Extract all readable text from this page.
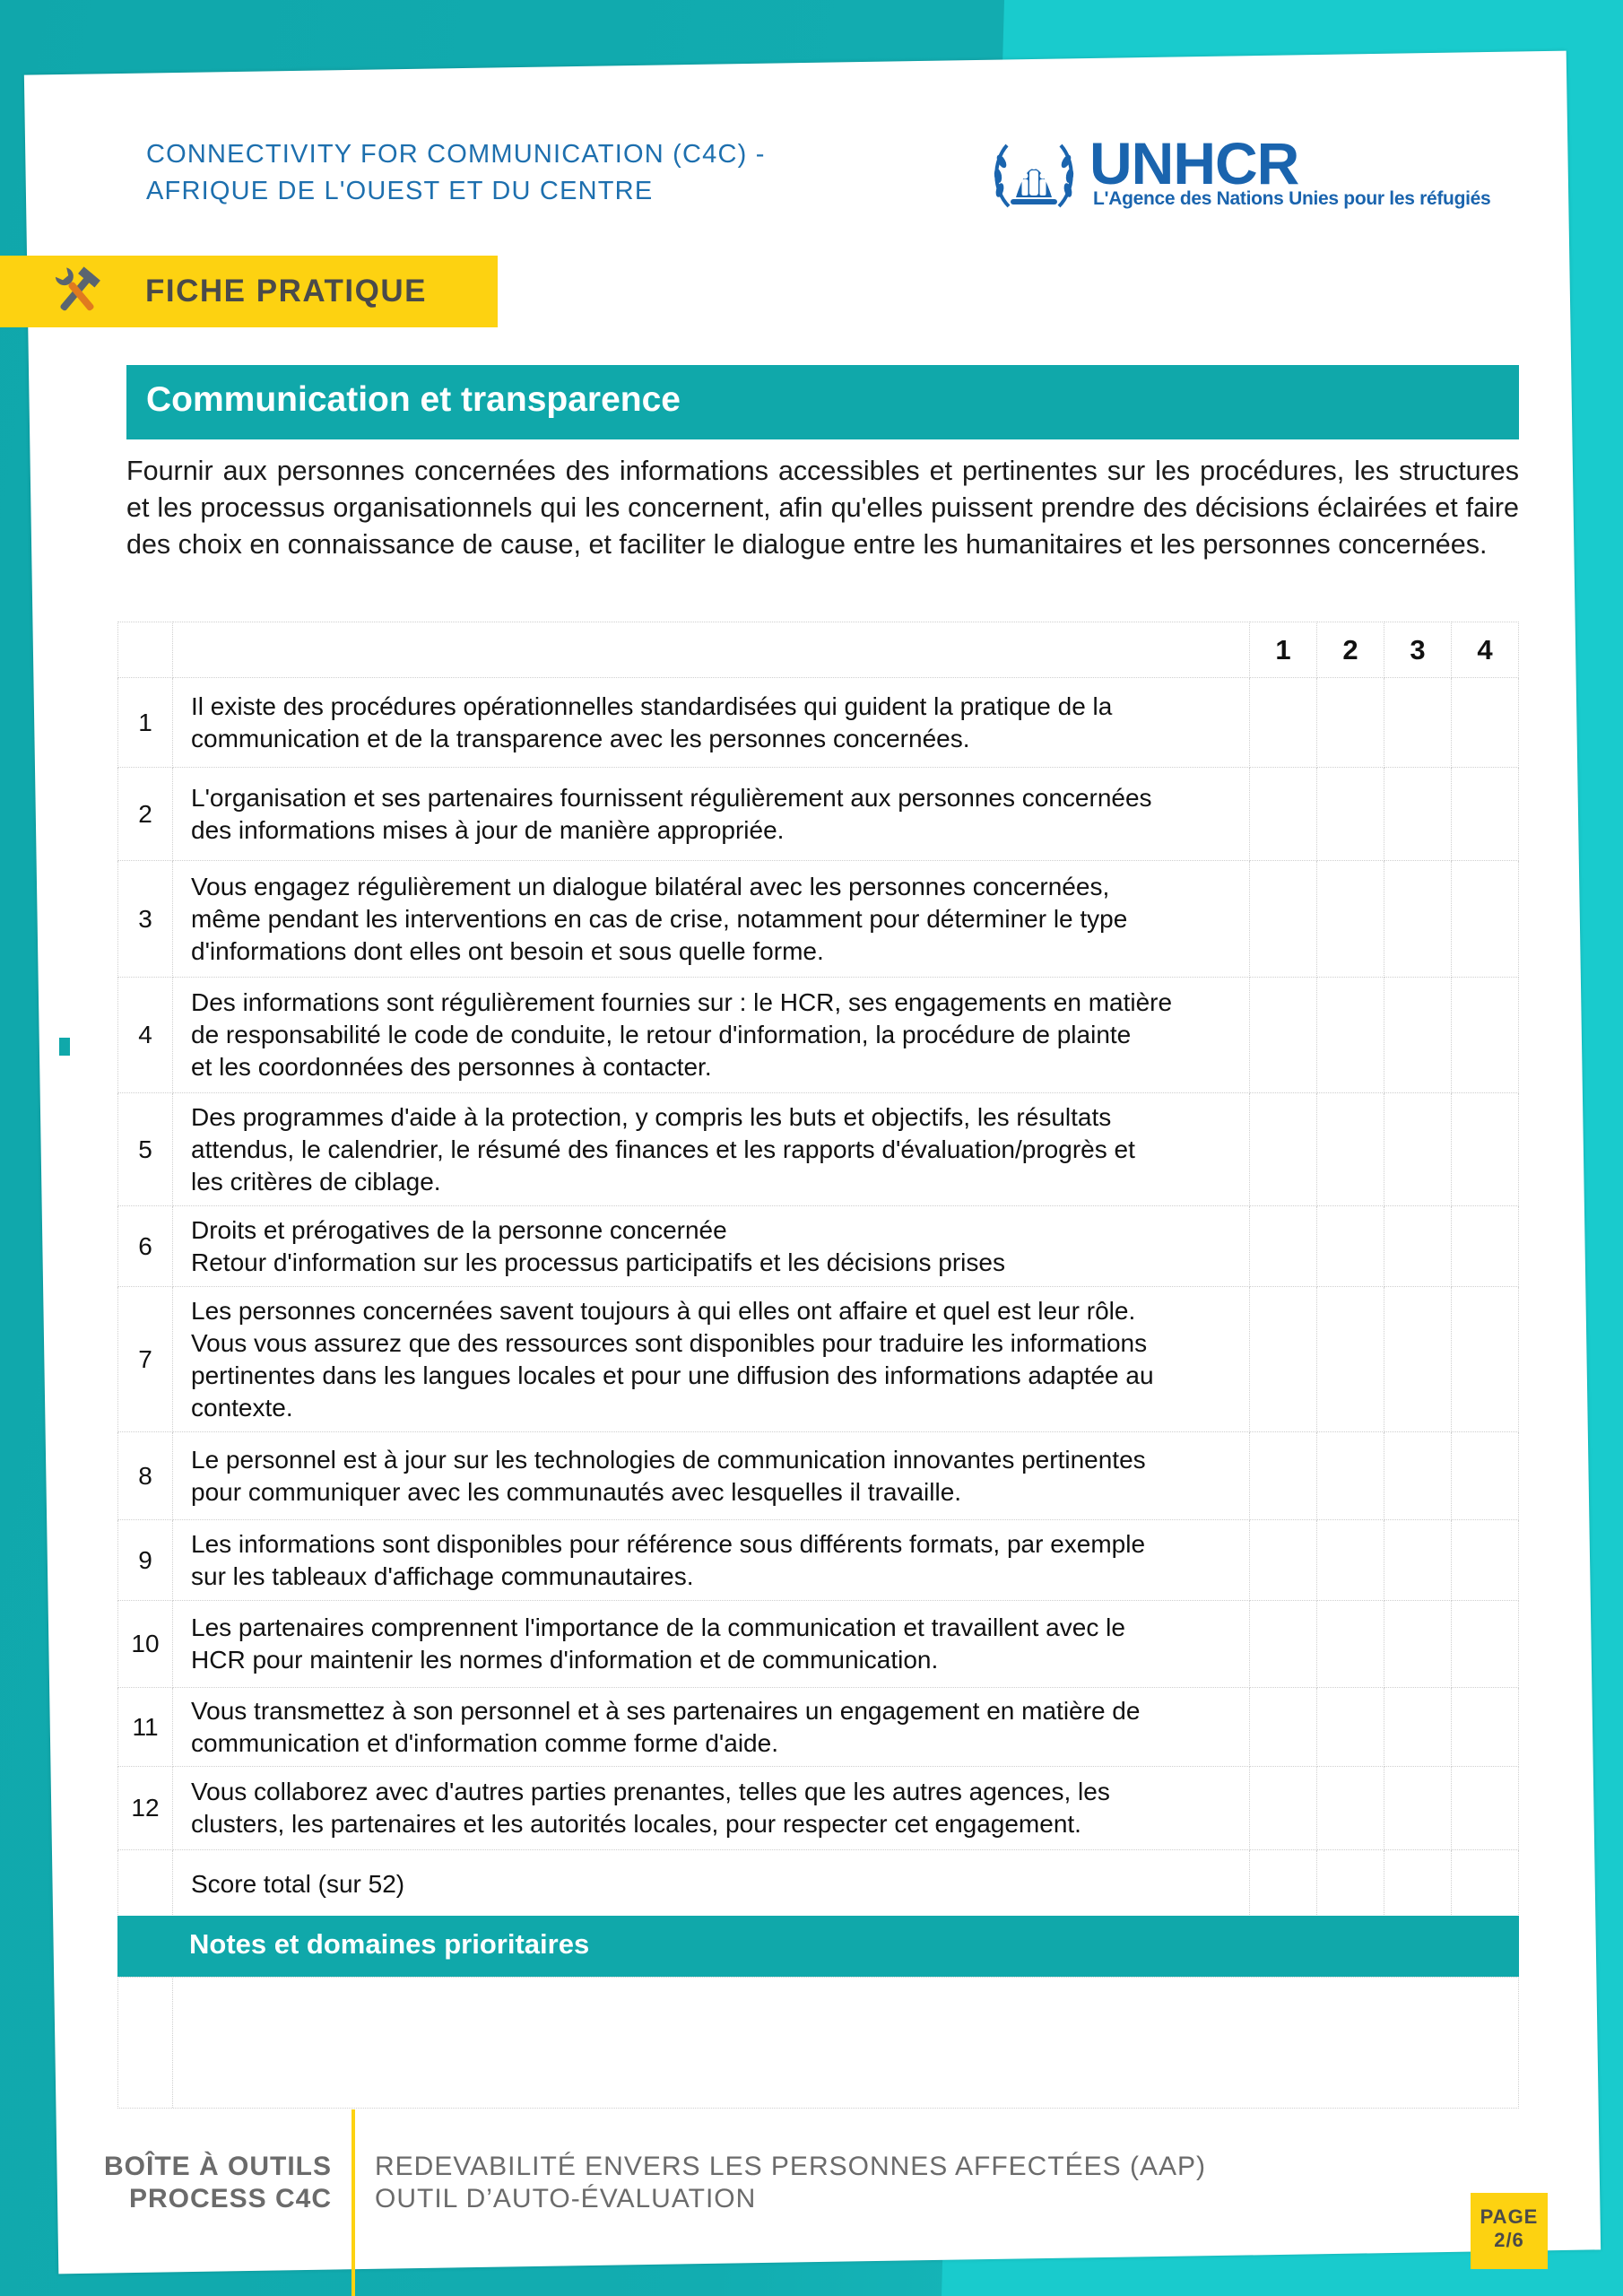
CONNECTIVITY FOR COMMUNICATION (C4C) -
AFRIQUE DE L'OUEST ET DU CENTRE	UNHCR
L'Agence des Nations Unies pour les réfugiés
FICHE PRATIQUE
Communication et transparence
Fournir aux personnes concernées des informations accessibles et pertinentes sur les procédures, les structures et les processus organisationnels qui les concernent, afin qu'elles puissent prendre des décisions éclairées et faire des choix en connaissance de cause, et faciliter le dialogue entre les humanitaires et les personnes concernées.
		1	2	3	4
1	Il existe des procédures opérationnelles standardisées qui guident la pratique de la
communication et de la transparence avec les personnes concernées.				

2	L'organisation et ses partenaires fournissent régulièrement aux personnes concernées
des informations mises à jour de manière appropriée.				

3	Vous engagez régulièrement un dialogue bilatéral avec les personnes concernées,
même pendant les interventions en cas de crise, notamment pour déterminer le type
d'informations dont elles ont besoin et sous quelle forme.				

4	Des informations sont régulièrement fournies sur : le HCR, ses engagements en matière
de responsabilité le code de conduite, le retour d'information, la procédure de plainte
et les coordonnées des personnes à contacter.				

5	Des programmes d'aide à la protection, y compris les buts et objectifs, les résultats
attendus, le calendrier, le résumé des finances et les rapports d'évaluation/progrès et
les critères de ciblage.				

6	Droits et prérogatives de la personne concernée
Retour d'information sur les processus participatifs et les décisions prises				

7	Les personnes concernées savent toujours à qui elles ont affaire et quel est leur rôle.
Vous vous assurez que des ressources sont disponibles pour traduire les informations
pertinentes dans les langues locales et pour une diffusion des informations adaptée au
contexte.				

8	Le personnel est à jour sur les technologies de communication innovantes pertinentes
pour communiquer avec les communautés avec lesquelles il travaille.				

9	Les informations sont disponibles pour référence sous différents formats, par exemple
sur les tableaux d'affichage communautaires.				

10	Les partenaires comprennent l'importance de la communication et travaillent avec le
HCR pour maintenir les normes d'information et de communication.				

11	Vous transmettez à son personnel et à ses partenaires un engagement en matière de
communication et d'information comme forme d'aide.				

12	Vous collaborez avec d'autres parties prenantes, telles que les autres agences, les
clusters, les partenaires et les autorités locales, pour respecter cet engagement.				

	Score total (sur 52)				
Notes et domaines prioritaires
BOÎTE À OUTILS
PROCESS C4C
REDEVABILITÉ ENVERS LES PERSONNES AFFECTÉES (AAP)
OUTIL D’AUTO-ÉVALUATION
PAGE
2/6
